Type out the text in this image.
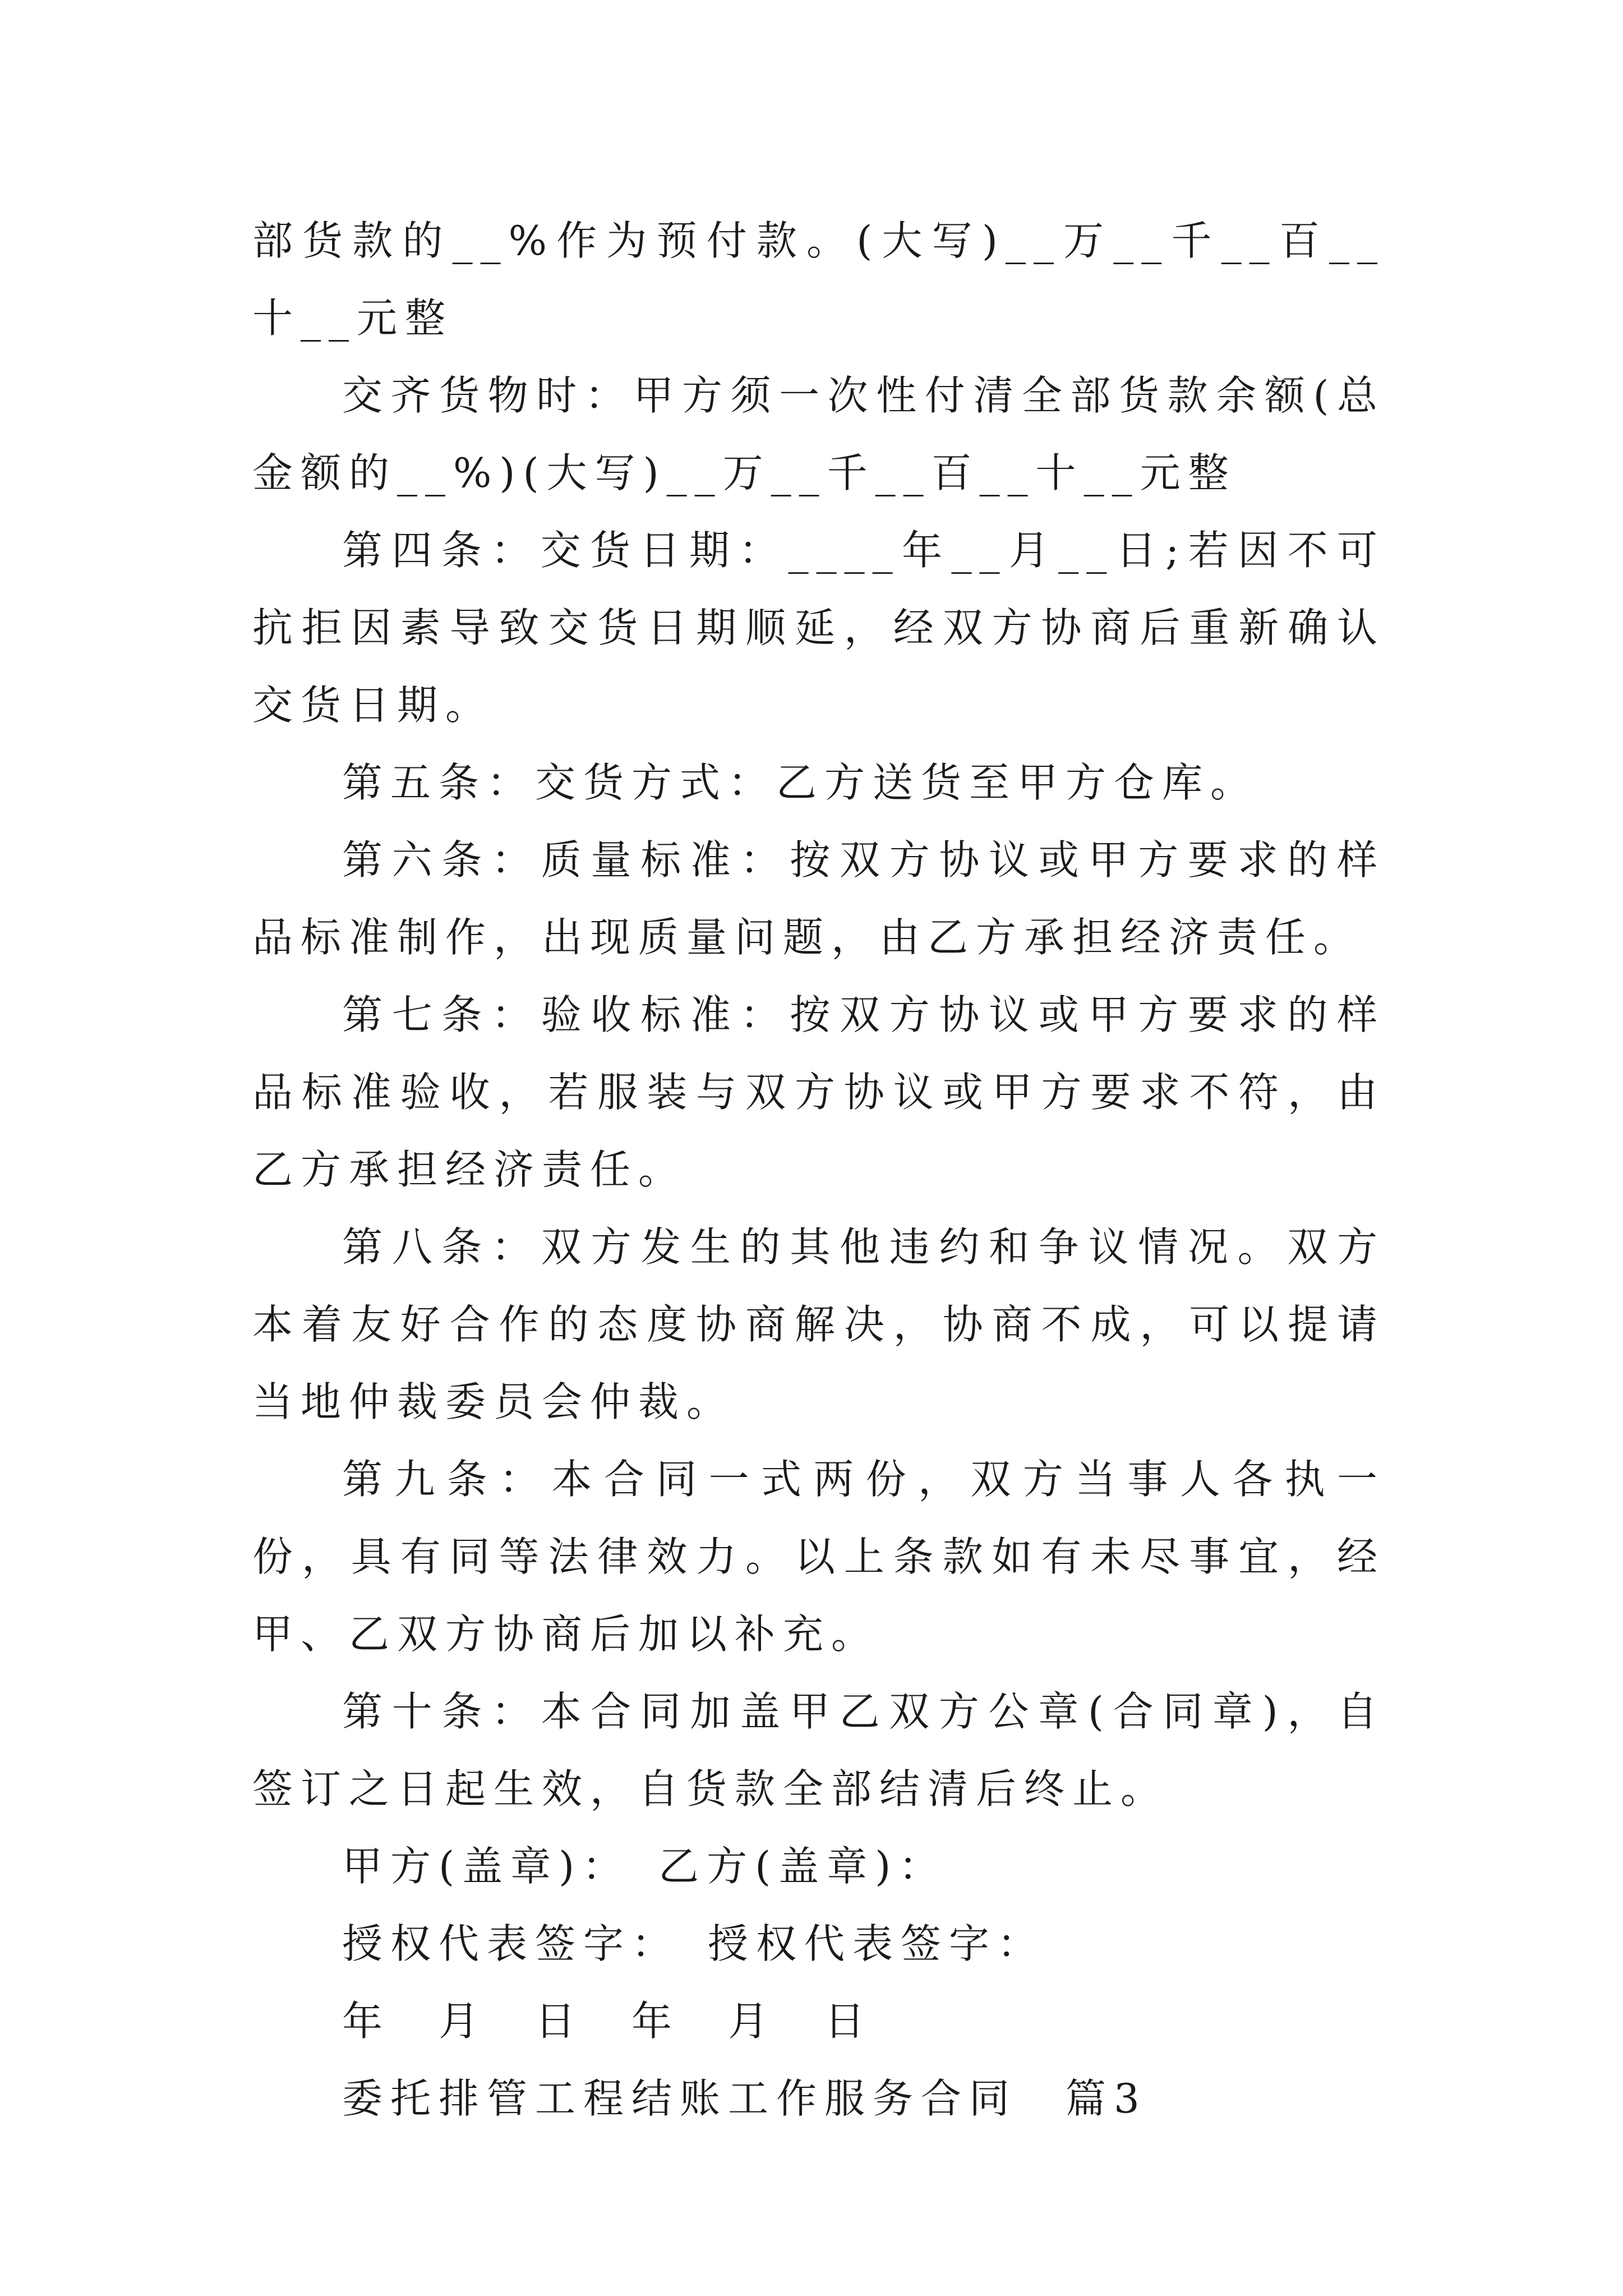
部货款的__%作为预付款。(大写)__万__千__百__十__元整

交齐货物时：甲方须一次性付清全部货款余额(总金额的__%)(大写)__万__千__百__十__元整

第四条：交货日期：____年__月__日;若因不可抗拒因素导致交货日期顺延，经双方协商后重新确认交货日期。

第五条：交货方式：乙方送货至甲方仓库。

第六条：质量标准：按双方协议或甲方要求的样品标准制作，出现质量问题，由乙方承担经济责任。

第七条：验收标准：按双方协议或甲方要求的样品标准验收，若服装与双方协议或甲方要求不符，由乙方承担经济责任。

第八条：双方发生的其他违约和争议情况。双方本着友好合作的态度协商解决，协商不成，可以提请当地仲裁委员会仲裁。

第九条：本合同一式两份，双方当事人各执一份，具有同等法律效力。以上条款如有未尽事宜，经甲、乙双方协商后加以补充。

第十条：本合同加盖甲乙双方公章(合同章)，自签订之日起生效，自货款全部结清后终止。

甲方(盖章)：　乙方(盖章)：

授权代表签字：　授权代表签字：

年　月　日　年　月　日

委托排管工程结账工作服务合同　篇3
